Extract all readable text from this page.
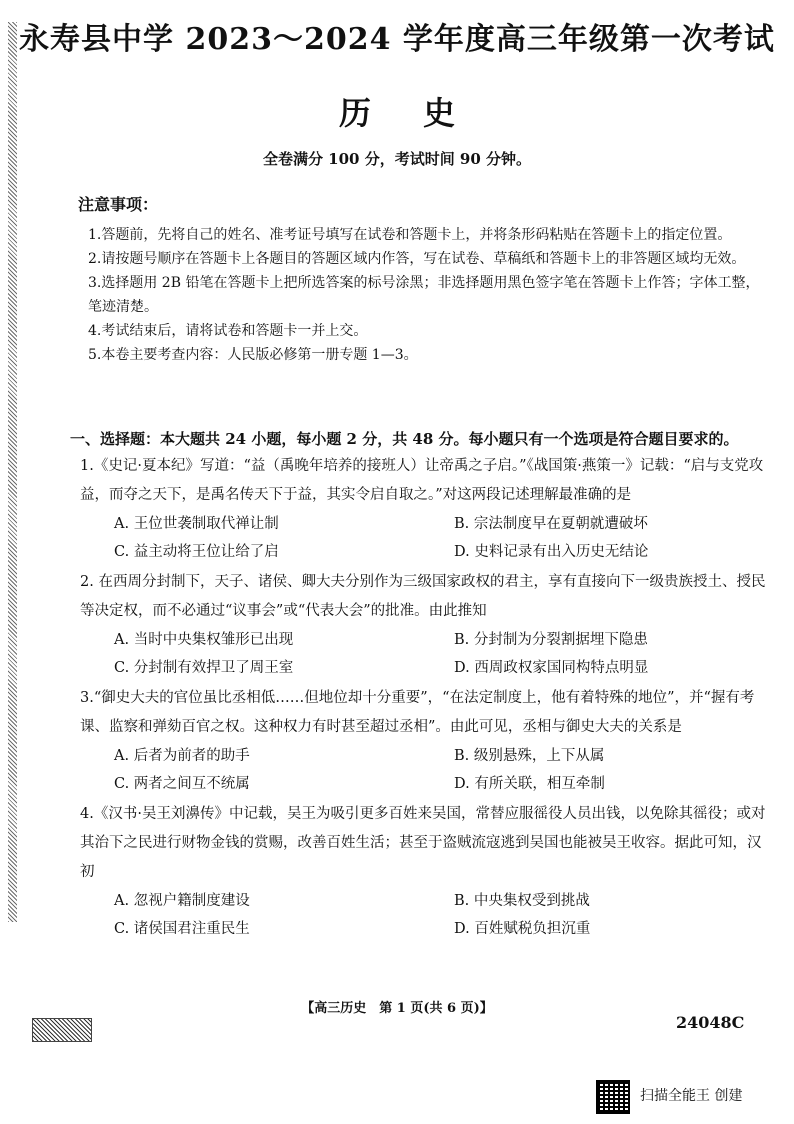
永寿县中学 2023～2024 学年度高三年级第一次考试
历史

全卷满分 100 分，考试时间 90 分钟。

注意事项：

1.答题前，先将自己的姓名、准考证号填写在试卷和答题卡上，并将条形码粘贴在答题卡上的指定位置。
2.请按题号顺序在答题卡上各题目的答题区域内作答，写在试卷、草稿纸和答题卡上的非答题区域均无效。
3.选择题用 2B 铅笔在答题卡上把所选答案的标号涂黑；非选择题用黑色签字笔在答题卡上作答；字体工整，笔迹清楚。
4.考试结束后，请将试卷和答题卡一并上交。
5.本卷主要考查内容：人民版必修第一册专题 1—3。

一、选择题：本大题共 24 小题，每小题 2 分，共 48 分。每小题只有一个选项是符合题目要求的。

1.《史记·夏本纪》写道：“益（禹晚年培养的接班人）让帝禹之子启。”《战国策·燕策一》记载：“启与支党攻益，而夺之天下，是禹名传天下于益，其实令启自取之。”对这两段记述理解最准确的是

A. 王位世袭制取代禅让制	B. 宗法制度早在夏朝就遭破坏
C. 益主动将王位让给了启	D. 史料记录有出入历史无结论

2. 在西周分封制下，天子、诸侯、卿大夫分别作为三级国家政权的君主，享有直接向下一级贵族授土、授民等决定权，而不必通过“议事会”或“代表大会”的批准。由此推知

A. 当时中央集权雏形已出现	B. 分封制为分裂割据埋下隐患
C. 分封制有效捍卫了周王室	D. 西周政权家国同构特点明显

3.“御史大夫的官位虽比丞相低……但地位却十分重要”，“在法定制度上，他有着特殊的地位”，并“握有考课、监察和弹劾百官之权。这种权力有时甚至超过丞相”。由此可见，丞相与御史大夫的关系是

A. 后者为前者的助手	B. 级别悬殊，上下从属
C. 两者之间互不统属	D. 有所关联，相互牵制

4.《汉书·吴王刘濞传》中记载，吴王为吸引更多百姓来吴国，常替应服徭役人员出钱，以免除其徭役；或对其治下之民进行财物金钱的赏赐，改善百姓生活；甚至于盗贼流寇逃到吴国也能被吴王收容。据此可知，汉初

A. 忽视户籍制度建设	B. 中央集权受到挑战
C. 诸侯国君注重民生	D. 百姓赋税负担沉重
【高三历史　第 1 页(共 6 页)】
24048C
扫描全能王 创建
